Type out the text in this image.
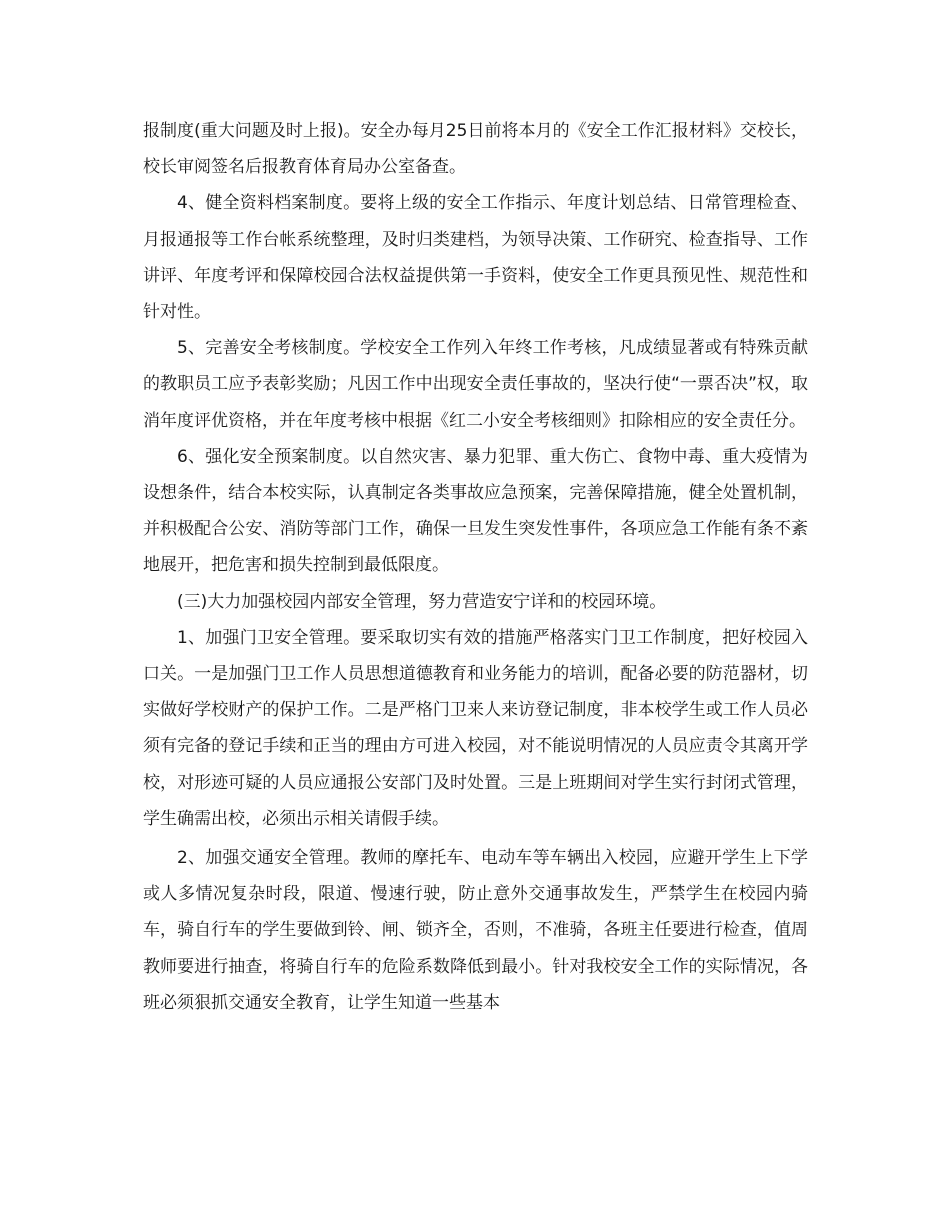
报制度(重大问题及时上报)。安全办每月25日前将本月的《安全工作汇报材料》交校长，校长审阅签名后报教育体育局办公室备查。

4、健全资料档案制度。要将上级的安全工作指示、年度计划总结、日常管理检查、月报通报等工作台帐系统整理，及时归类建档，为领导决策、工作研究、检查指导、工作讲评、年度考评和保障校园合法权益提供第一手资料，使安全工作更具预见性、规范性和针对性。

5、完善安全考核制度。学校安全工作列入年终工作考核，凡成绩显著或有特殊贡献的教职员工应予表彰奖励；凡因工作中出现安全责任事故的，坚决行使“一票否决”权，取消年度评优资格，并在年度考核中根据《红二小安全考核细则》扣除相应的安全责任分。

6、强化安全预案制度。以自然灾害、暴力犯罪、重大伤亡、食物中毒、重大疫情为设想条件，结合本校实际，认真制定各类事故应急预案，完善保障措施，健全处置机制，并积极配合公安、消防等部门工作，确保一旦发生突发性事件，各项应急工作能有条不紊地展开，把危害和损失控制到最低限度。

(三)大力加强校园内部安全管理，努力营造安宁详和的校园环境。

1、加强门卫安全管理。要采取切实有效的措施严格落实门卫工作制度，把好校园入口关。一是加强门卫工作人员思想道德教育和业务能力的培训，配备必要的防范器材，切实做好学校财产的保护工作。二是严格门卫来人来访登记制度，非本校学生或工作人员必须有完备的登记手续和正当的理由方可进入校园，对不能说明情况的人员应责令其离开学校，对形迹可疑的人员应通报公安部门及时处置。三是上班期间对学生实行封闭式管理，学生确需出校，必须出示相关请假手续。

2、加强交通安全管理。教师的摩托车、电动车等车辆出入校园，应避开学生上下学或人多情况复杂时段，限道、慢速行驶，防止意外交通事故发生，严禁学生在校园内骑车，骑自行车的学生要做到铃、闸、锁齐全，否则，不准骑，各班主任要进行检查，值周教师要进行抽查，将骑自行车的危险系数降低到最小。针对我校安全工作的实际情况，各班必须狠抓交通安全教育，让学生知道一些基本
